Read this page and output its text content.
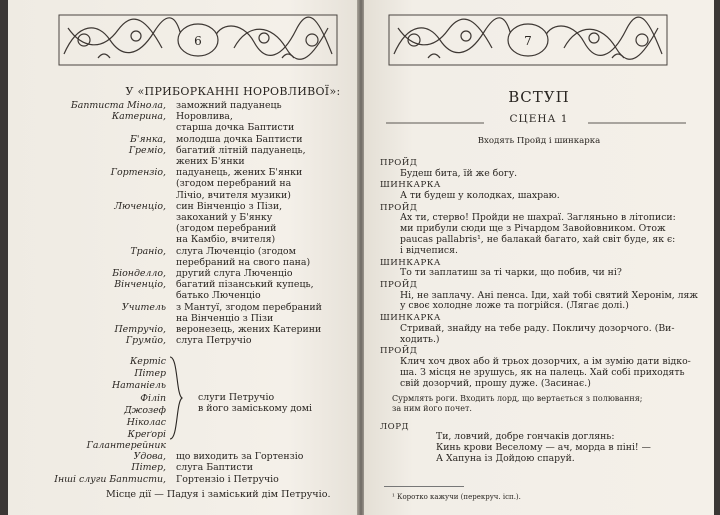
6
У «ПРИБОРКАННІ НОРОВЛИВОЇ»:
Баптиста Мінола, заможний падуанець
Катерина, Норовлива,
старша дочка Баптисти
Б'янка, молодша дочка Баптисти
Греміо, багатий літній падуанець,
жених Б'янки
Гортензіо, падуанець, жених Б'янки
(згодом перебраний на
Лічіо, вчителя музики)
Люченціо, син Вінченціо з Пізи,
закоханий у Б'янку
(згодом перебраний
на Камбіо, вчителя)
Траніо, слуга Люченціо (згодом
перебраний на свого пана)
Біонделло, другий слуга Люченціо
Вінченціо, багатий пізанський купець,
батько Люченціо
Учитель з Мантуї, згодом перебраний
на Вінченціо з Пізи
Петручіо, веронезець, жених Катерини
Грумйо, слуга Петручіо
Кертіс
Пітер
Натаніель
Філіп
Джозеф
Ніколас
Креґорі
Галантерейник
Удова, що виходить за Гортензіо
Пітер, слуга Баптисти
Інші слуги Баптисти, Гортензіо і Петручіо
слуги Петручіо
в його заміському домі
Місце дії — Падуя і заміський дім Петручіо.
7
ВСТУП
СЦЕНА 1
Входять Пройд і шинкарка
ПРОЙД
Будеш бита, їй же богу.
ШИНКАРКА
А ти будеш у колодках, шахраю.
ПРОЙД
Ах ти, стерво! Пройди не шахраї. Загляньно в літописи:
ми прибули сюди ще з Річардом Завойовником. Отож
paucas pallabris¹, не балакай багато, хай світ буде, як є:
і відчепися.
ШИНКАРКА
То ти заплатиш за ті чарки, що побив, чи ні?
ПРОЙД
Ні, не заплачу. Ані пенса. Іди, хай тобі святий Херонім, ляж
у своє холодне ложе та погрійся. (Лягає долі.)
ШИНКАРКА
Стривай, знайду на тебе раду. Покличу дозорчого. (Ви-
ходить.)
ПРОЙД
Клич хоч двох або й трьох дозорчих, а ім зумію дати відко-
ша. З місця не зрушусь, як на палець. Хай собі приходять
свій дозорчий, прошу дуже. (Засинає.)
Сурмлять роги. Входить лорд, що вертається з полювання;
за ним його почет.
ЛОРД
Ти, ловчий, добре гончаків доглянь:
Кинь крови Веселому — ач, морда в піні! —
А Хапуна із Дойдою спаруй.
¹ Коротко кажучи (перекруч. ісп.).
